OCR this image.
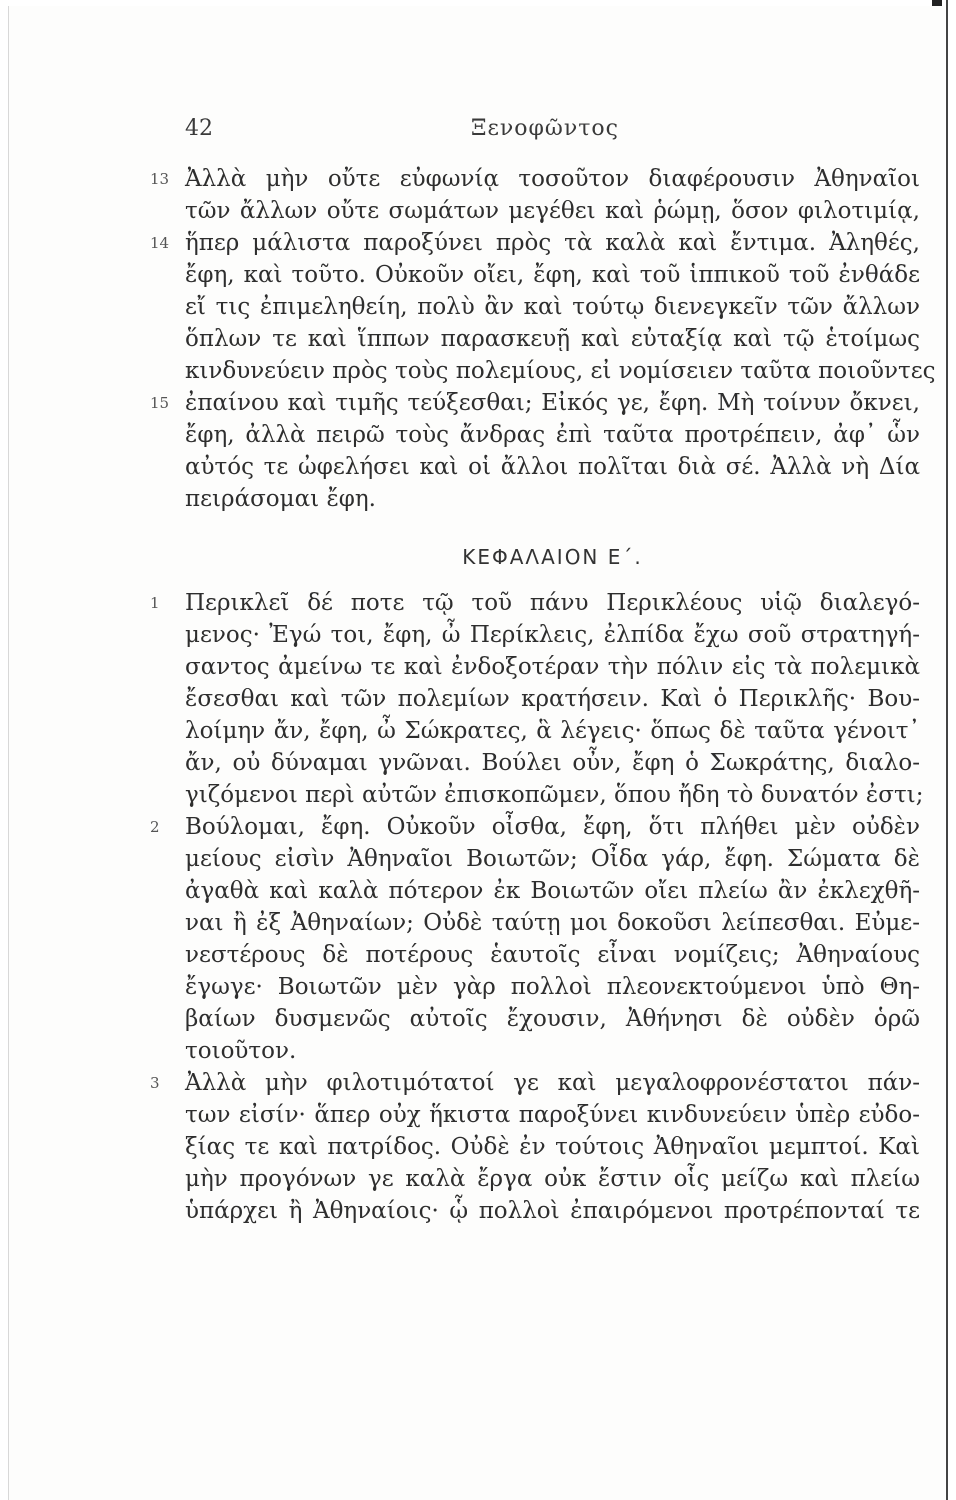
42	Ξενοφῶντος
13 Ἀλλὰ μὴν οὔτε εὐφωνίᾳ τοσοῦτον διαφέρουσιν Ἀθηναῖοι
τῶν ἄλλων οὔτε σωμάτων μεγέθει καὶ ῥώμῃ, ὅσον φιλοτιμίᾳ,
14 ἥπερ μάλιστα παροξύνει πρὸς τὰ καλὰ καὶ ἔντιμα. Ἀληθές,
ἔφη, καὶ τοῦτο. Οὐκοῦν οἴει, ἔφη, καὶ τοῦ ἱππικοῦ τοῦ ἐνθάδε
εἴ τις ἐπιμεληθείη, πολὺ ἂν καὶ τούτῳ διενεγκεῖν τῶν ἄλλων
ὅπλων τε καὶ ἵππων παρασκευῇ καὶ εὐταξίᾳ καὶ τῷ ἑτοίμως
κινδυνεύειν πρὸς τοὺς πολεμίους, εἰ νομίσειεν ταῦτα ποιοῦντες
15 ἐπαίνου καὶ τιμῆς τεύξεσθαι; Εἰκός γε, ἔφη. Μὴ τοίνυν ὄκνει,
ἔφη, ἀλλὰ πειρῶ τοὺς ἄνδρας ἐπὶ ταῦτα προτρέπειν, ἀφ᾽ ὧν
αὐτός τε ὠφελήσει καὶ οἱ ἄλλοι πολῖται διὰ σέ. Ἀλλὰ νὴ Δία
πειράσομαι ἔφη.
ΚΕΦΑΛΑΙΟΝ Ε΄.
1	Περικλεῖ δέ ποτε τῷ τοῦ πάνυ Περικλέους υἱῷ διαλεγό-
μενος· Ἐγώ τοι, ἔφη, ὦ Περίκλεις, ἐλπίδα ἔχω σοῦ στρατηγή-
σαντος ἀμείνω τε καὶ ἐνδοξοτέραν τὴν πόλιν εἰς τὰ πολεμικὰ
ἔσεσθαι καὶ τῶν πολεμίων κρατήσειν. Καὶ ὁ Περικλῆς· Βου-
λοίμην ἄν, ἔφη, ὦ Σώκρατες, ἃ λέγεις· ὅπως δὲ ταῦτα γένοιτ᾽
ἄν, οὐ δύναμαι γνῶναι. Βούλει οὖν, ἔφη ὁ Σωκράτης, διαλο-
γιζόμενοι περὶ αὐτῶν ἐπισκοπῶμεν, ὅπου ἤδη τὸ δυνατόν ἐστι;
2	Βούλομαι, ἔφη. Οὐκοῦν οἶσθα, ἔφη, ὅτι πλήθει μὲν οὐδὲν
μείους εἰσὶν Ἀθηναῖοι Βοιωτῶν; Οἶδα γάρ, ἔφη. Σώματα δὲ
ἀγαθὰ καὶ καλὰ πότερον ἐκ Βοιωτῶν οἴει πλείω ἂν ἐκλεχθῆ-
ναι ἢ ἐξ Ἀθηναίων; Οὐδὲ ταύτῃ μοι δοκοῦσι λείπεσθαι. Εὐμε-
νεστέρους δὲ ποτέρους ἑαυτοῖς εἶναι νομίζεις; Ἀθηναίους
ἔγωγε· Βοιωτῶν μὲν γὰρ πολλοὶ πλεονεκτούμενοι ὑπὸ Θη-
βαίων δυσμενῶς αὐτοῖς ἔχουσιν, Ἀθήνησι δὲ οὐδὲν ὁρῶ
τοιοῦτον.
3	Ἀλλὰ μὴν φιλοτιμότατοί γε καὶ μεγαλοφρονέστατοι πάν-
των εἰσίν· ἅπερ οὐχ ἥκιστα παροξύνει κινδυνεύειν ὑπὲρ εὐδο-
ξίας τε καὶ πατρίδος. Οὐδὲ ἐν τούτοις Ἀθηναῖοι μεμπτοί. Καὶ
μὴν προγόνων γε καλὰ ἔργα οὐκ ἔστιν οἷς μείζω καὶ πλείω
ὑπάρχει ἢ Ἀθηναίοις· ᾧ πολλοὶ ἐπαιρόμενοι προτρέπονταί τε
